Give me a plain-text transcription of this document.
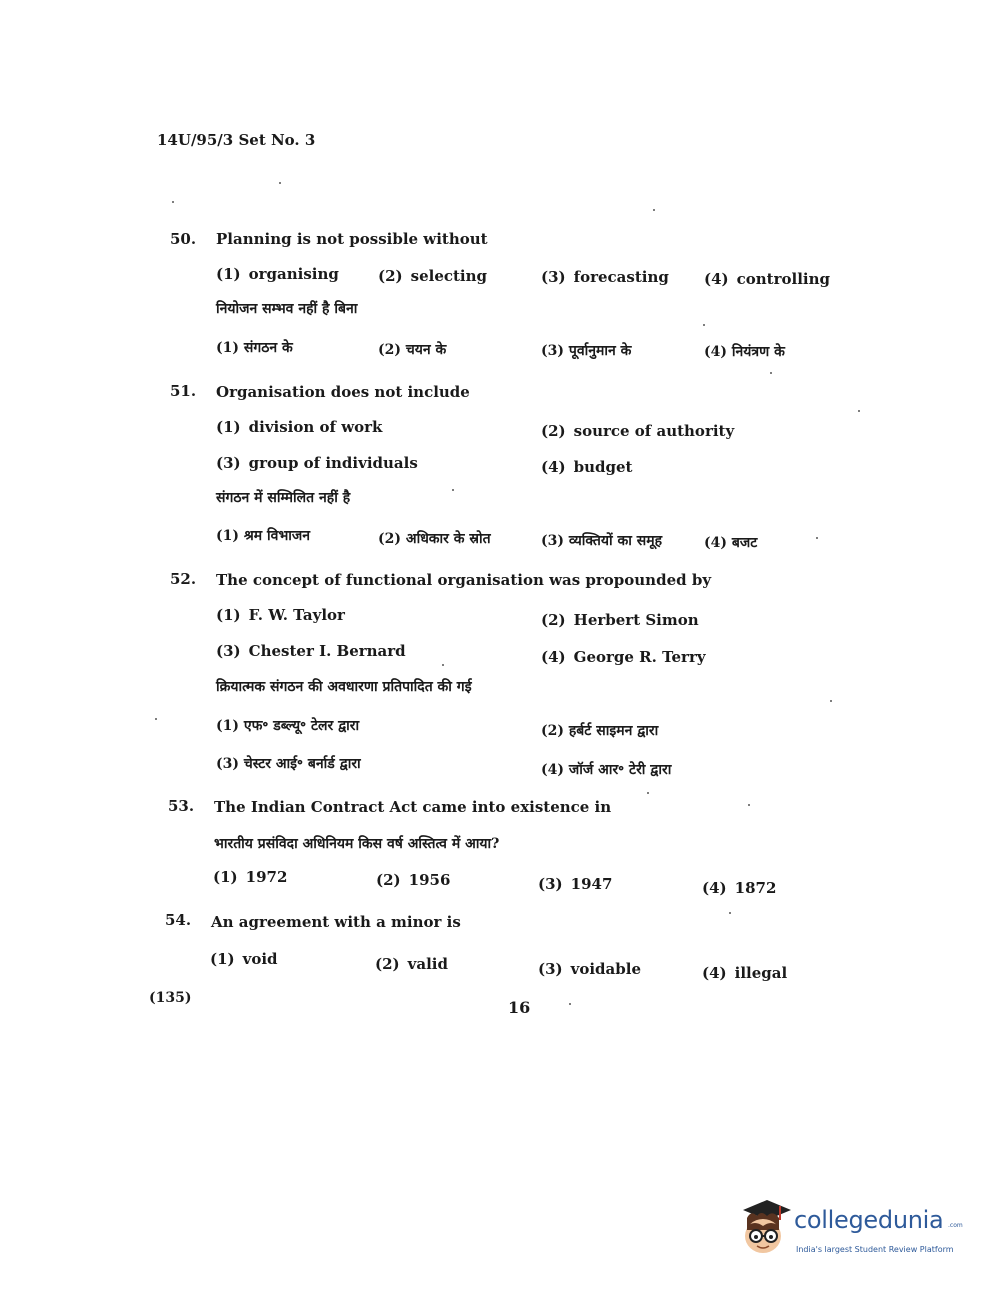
14U/95/3 Set No. 3
50. Planning is not possible without
(1) organising	(2) selecting	(3) forecasting (4) controlling
नियोजन सम्भव नहीं है बिना
(1) संगठन के	(2) चयन के	(3) पूर्वानुमान के	(4) नियंत्रण के
51. Organisation does not include
(1) division of work	(2) source of authority
(3) group of individuals	(4) budget
संगठन में सम्मिलित नहीं है
(1) श्रम विभाजन	(2) अधिकार के स्रोत	(3) व्यक्तियों का समूह	(4) बजट
52. The concept of functional organisation was propounded by
(1) F. W. Taylor	(2) Herbert Simon
(3) Chester I. Bernard	(4) George R. Terry
क्रियात्मक संगठन की अवधारणा प्रतिपादित की गई
(1) एफ॰ डब्ल्यू॰ टेलर द्वारा	(2) हर्बर्ट साइमन द्वारा
(3) चेस्टर आई॰ बर्नार्ड द्वारा	(4) जॉर्ज आर॰ टेरी द्वारा
53. The Indian Contract Act came into existence in
भारतीय प्रसंविदा अधिनियम किस वर्ष अस्तित्व में आया?
(1) 1972	(2) 1956	(3) 1947	(4) 1872
54. An agreement with a minor is
(1) void	(2) valid	(3) voidable	(4) illegal
(135)	16
collegedunia .com
India's largest Student Review Platform
